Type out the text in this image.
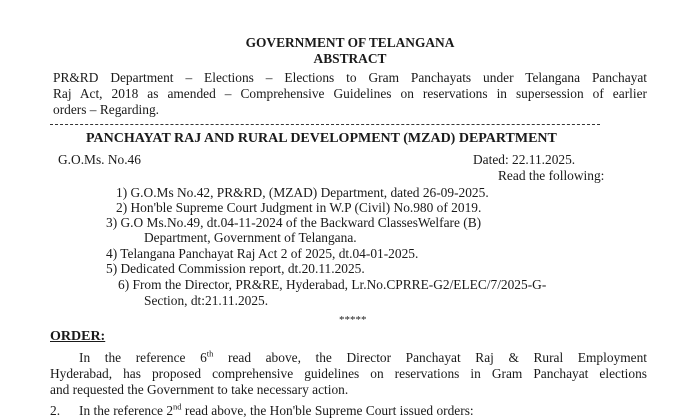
GOVERNMENT OF TELANGANA
ABSTRACT
PR&RD Department – Elections – Elections to Gram Panchayats under Telangana Panchayat
Raj Act, 2018 as amended – Comprehensive Guidelines on reservations in supersession of earlier
orders – Regarding.
PANCHAYAT RAJ AND RURAL DEVELOPMENT (MZAD) DEPARTMENT
G.O.Ms. No.46	Dated: 22.11.2025.
Read the following:
1) G.O.Ms No.42, PR&RD, (MZAD) Department, dated 26-09-2025.
2) Hon'ble Supreme Court Judgment in W.P (Civil) No.980 of 2019.
3) G.O Ms.No.49, dt.04-11-2024 of the Backward ClassesWelfare (B)
Department, Government of Telangana.
4) Telangana Panchayat Raj Act 2 of 2025, dt.04-01-2025.
5) Dedicated Commission report, dt.20.11.2025.
6) From the Director, PR&RE, Hyderabad, Lr.No.CPRRE-G2/ELEC/7/2025-G-
Section, dt:21.11.2025.
*****
ORDER:
In the reference 6th read above, the Director Panchayat Raj & Rural Employment
Hyderabad, has proposed comprehensive guidelines on reservations in Gram Panchayat elections
and requested the Government to take necessary action.
2. In the reference 2nd read above, the Hon'ble Supreme Court issued orders:
